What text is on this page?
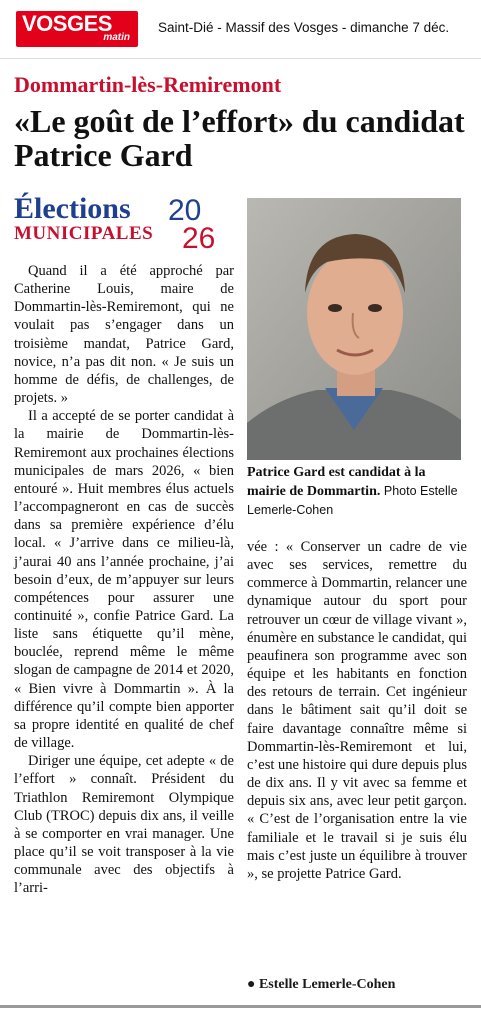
VOSGES
matin
Saint-Dié - Massif des Vosges - dimanche 7 déc.
Dommartin-lès-Remiremont
«Le goût de l’effort» du candidat Patrice Gard
Élections
MUNICIPALES
20
26
Patrice Gard est candidat à la mairie de Dommartin. Photo Estelle Lemerle-Cohen

Quand il a été approché par Catherine Louis, maire de Dommartin-lès-Remiremont, qui ne voulait pas s’engager dans un troisième mandat, Patrice Gard, novice, n’a pas dit non. « Je suis un homme de défis, de challenges, de projets. »

Il a accepté de se porter candidat à la mairie de Dommartin-lès-Remiremont aux prochaines élections municipales de mars 2026, « bien entouré ». Huit membres élus actuels l’accompagneront en cas de succès dans sa première expérience d’élu local. « J’arrive dans ce milieu-là, j’aurai 40 ans l’année prochaine, j’ai besoin d’eux, de m’appuyer sur leurs compétences pour assurer une continuité », confie Patrice Gard. La liste sans étiquette qu’il mène, bouclée, reprend même le même slogan de campagne de 2014 et 2020, « Bien vivre à Dommartin ». À la différence qu’il compte bien apporter sa propre identité en qualité de chef de village.

Diriger une équipe, cet adepte « de l’effort » connaît. Président du Triathlon Remiremont Olympique Club (TROC) depuis dix ans, il veille à se comporter en vrai manager. Une place qu’il se voit transposer à la vie communale avec des objectifs à l’arri-

vée : « Conserver un cadre de vie avec ses services, remettre du commerce à Dommartin, relancer une dynamique autour du sport pour retrouver un cœur de village vivant », énumère en substance le candidat, qui peaufinera son programme avec son équipe et les habitants en fonction des retours de terrain. Cet ingénieur dans le bâtiment sait qu’il doit se faire davantage connaître même si Dommartin-lès-Remiremont et lui, c’est une histoire qui dure depuis plus de dix ans. Il y vit avec sa femme et depuis six ans, avec leur petit garçon. « C’est de l’organisation entre la vie familiale et le travail si je suis élu mais c’est juste un équilibre à trouver », se projette Patrice Gard.

● Estelle Lemerle-Cohen
